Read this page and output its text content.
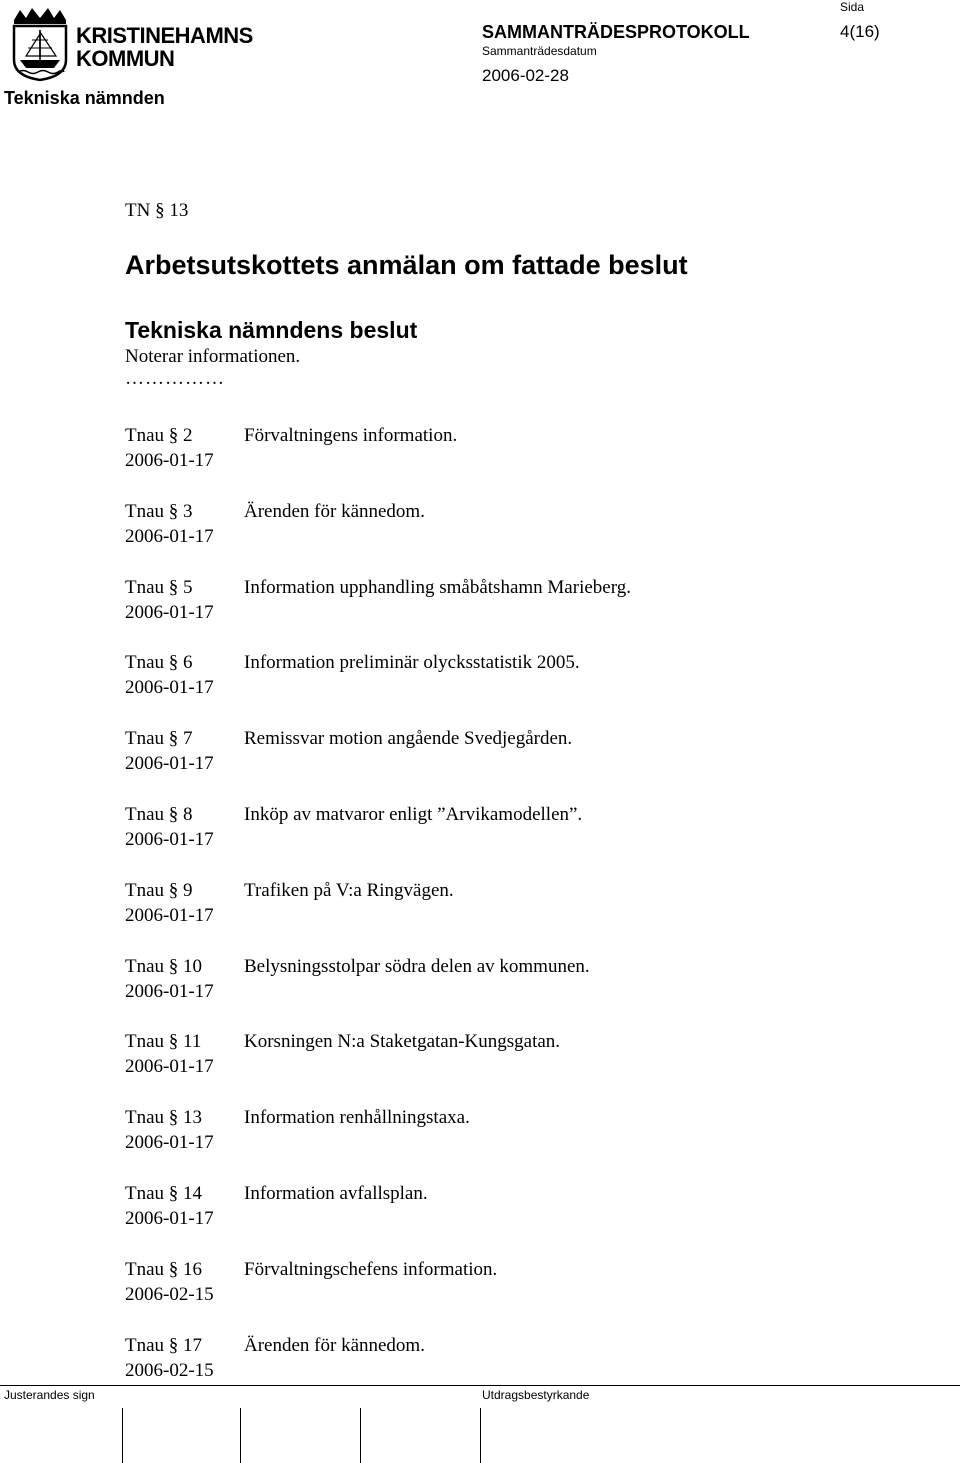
KRISTINEHAMNS
KOMMUN
Tekniska nämnden
SAMMANTRÄDESPROTOKOLL
Sammanträdesdatum
2006-02-28
Sida
4(16)
TN § 13
Arbetsutskottets anmälan om fattade beslut
Tekniska nämndens beslut
Noterar informationen.
……………
Tnau § 2
2006-01-17
Förvaltningens information.
Tnau § 3
2006-01-17
Ärenden för kännedom.
Tnau § 5
2006-01-17
Information upphandling småbåtshamn Marieberg.
Tnau § 6
2006-01-17
Information preliminär olycksstatistik 2005.
Tnau § 7
2006-01-17
Remissvar motion angående Svedjegården.
Tnau § 8
2006-01-17
Inköp av matvaror enligt ”Arvikamodellen”.
Tnau § 9
2006-01-17
Trafiken på V:a Ringvägen.
Tnau § 10
2006-01-17
Belysningsstolpar södra delen av kommunen.
Tnau § 11
2006-01-17
Korsningen N:a Staketgatan-Kungsgatan.
Tnau § 13
2006-01-17
Information renhållningstaxa.
Tnau § 14
2006-01-17
Information avfallsplan.
Tnau § 16
2006-02-15
Förvaltningschefens information.
Tnau § 17
2006-02-15
Ärenden för kännedom.
Justerandes sign	Utdragsbestyrkande
